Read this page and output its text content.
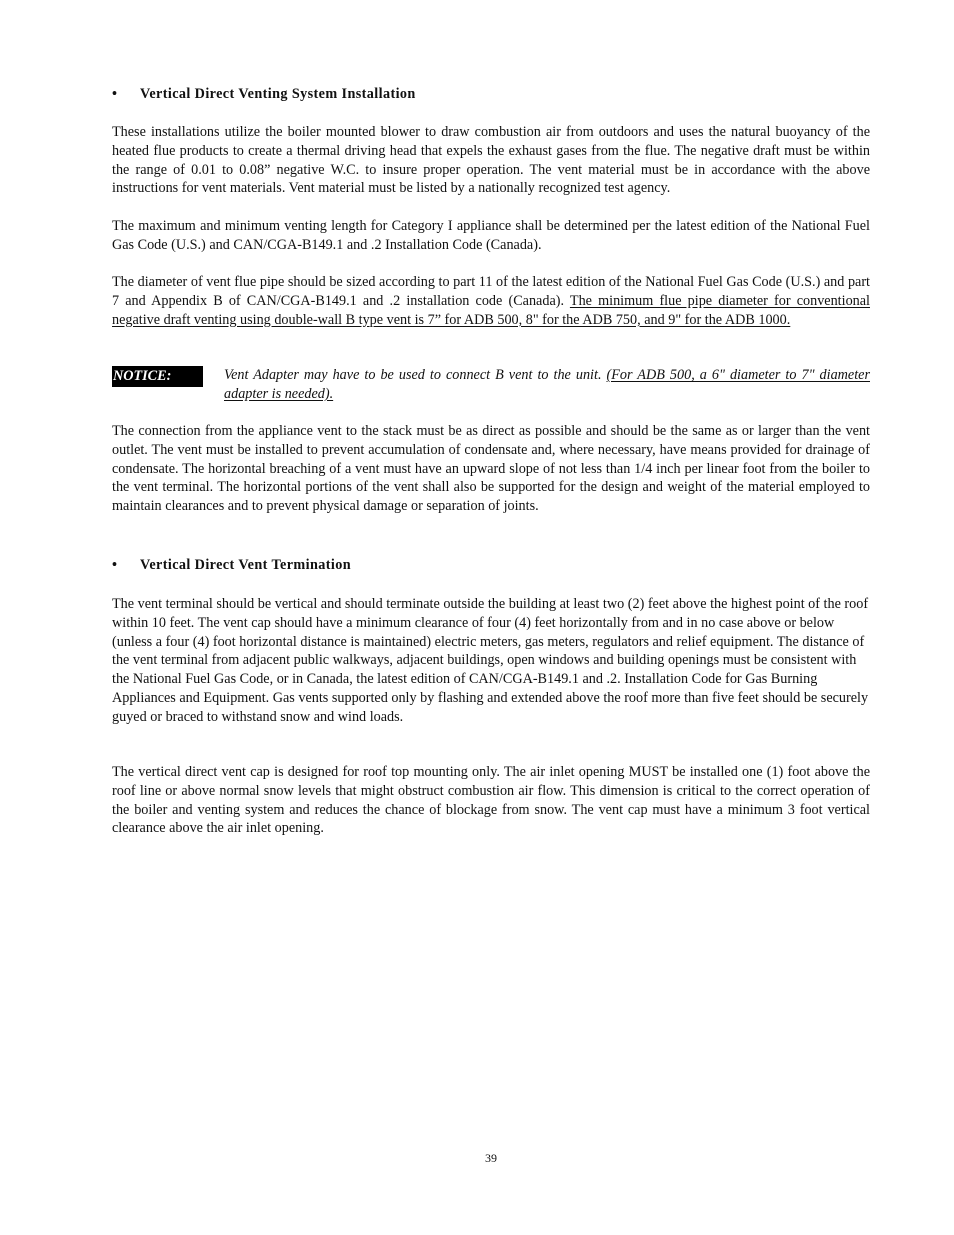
• Vertical Direct Venting System Installation

These installations utilize the boiler mounted blower to draw combustion air from outdoors and uses the natural buoyancy of the heated flue products to create a thermal driving head that expels the exhaust gases from the flue. The negative draft must be within the range of 0.01 to 0.08” negative W.C. to insure proper operation. The vent material must be in accordance with the above instructions for vent materials. Vent material must be listed by a nationally recognized test agency.

The maximum and minimum venting length for Category I appliance shall be determined per the latest edition of the National Fuel Gas Code (U.S.) and CAN/CGA-B149.1 and .2 Installation Code (Canada).

The diameter of vent flue pipe should be sized according to part 11 of the latest edition of the National Fuel Gas Code (U.S.) and part 7 and Appendix B of CAN/CGA-B149.1 and .2 installation code (Canada). The minimum flue pipe diameter for conventional negative draft venting using double-wall B type vent is 7” for ADB 500, 8" for the ADB 750, and 9" for the ADB 1000.

NOTICE:	Vent Adapter may have to be used to connect B vent to the unit. (For ADB 500, a 6" diameter to 7" diameter adapter is needed).

The connection from the appliance vent to the stack must be as direct as possible and should be the same as or larger than the vent outlet. The vent must be installed to prevent accumulation of condensate and, where necessary, have means provided for drainage of condensate. The horizontal breaching of a vent must have an upward slope of not less than 1/4 inch per linear foot from the boiler to the vent terminal. The horizontal portions of the vent shall also be supported for the design and weight of the material employed to maintain clearances and to prevent physical damage or separation of joints.

• Vertical Direct Vent Termination

The vent terminal should be vertical and should terminate outside the building at least two (2) feet above the highest point of the roof within 10 feet. The vent cap should have a minimum clearance of four (4) feet horizontally from and in no case above or below (unless a four (4) foot horizontal distance is maintained) electric meters, gas meters, regulators and relief equipment. The distance of the vent terminal from adjacent public walkways, adjacent buildings, open windows and building openings must be consistent with the National Fuel Gas Code, or in Canada, the latest edition of CAN/CGA-B149.1 and .2. Installation Code for Gas Burning Appliances and Equipment. Gas vents supported only by flashing and extended above the roof more than five feet should be securely guyed or braced to withstand snow and wind loads.

The vertical direct vent cap is designed for roof top mounting only. The air inlet opening MUST be installed one (1) foot above the roof line or above normal snow levels that might obstruct combustion air flow. This dimension is critical to the correct operation of the boiler and venting system and reduces the chance of blockage from snow. The vent cap must have a minimum 3 foot vertical clearance above the air inlet opening.

39
